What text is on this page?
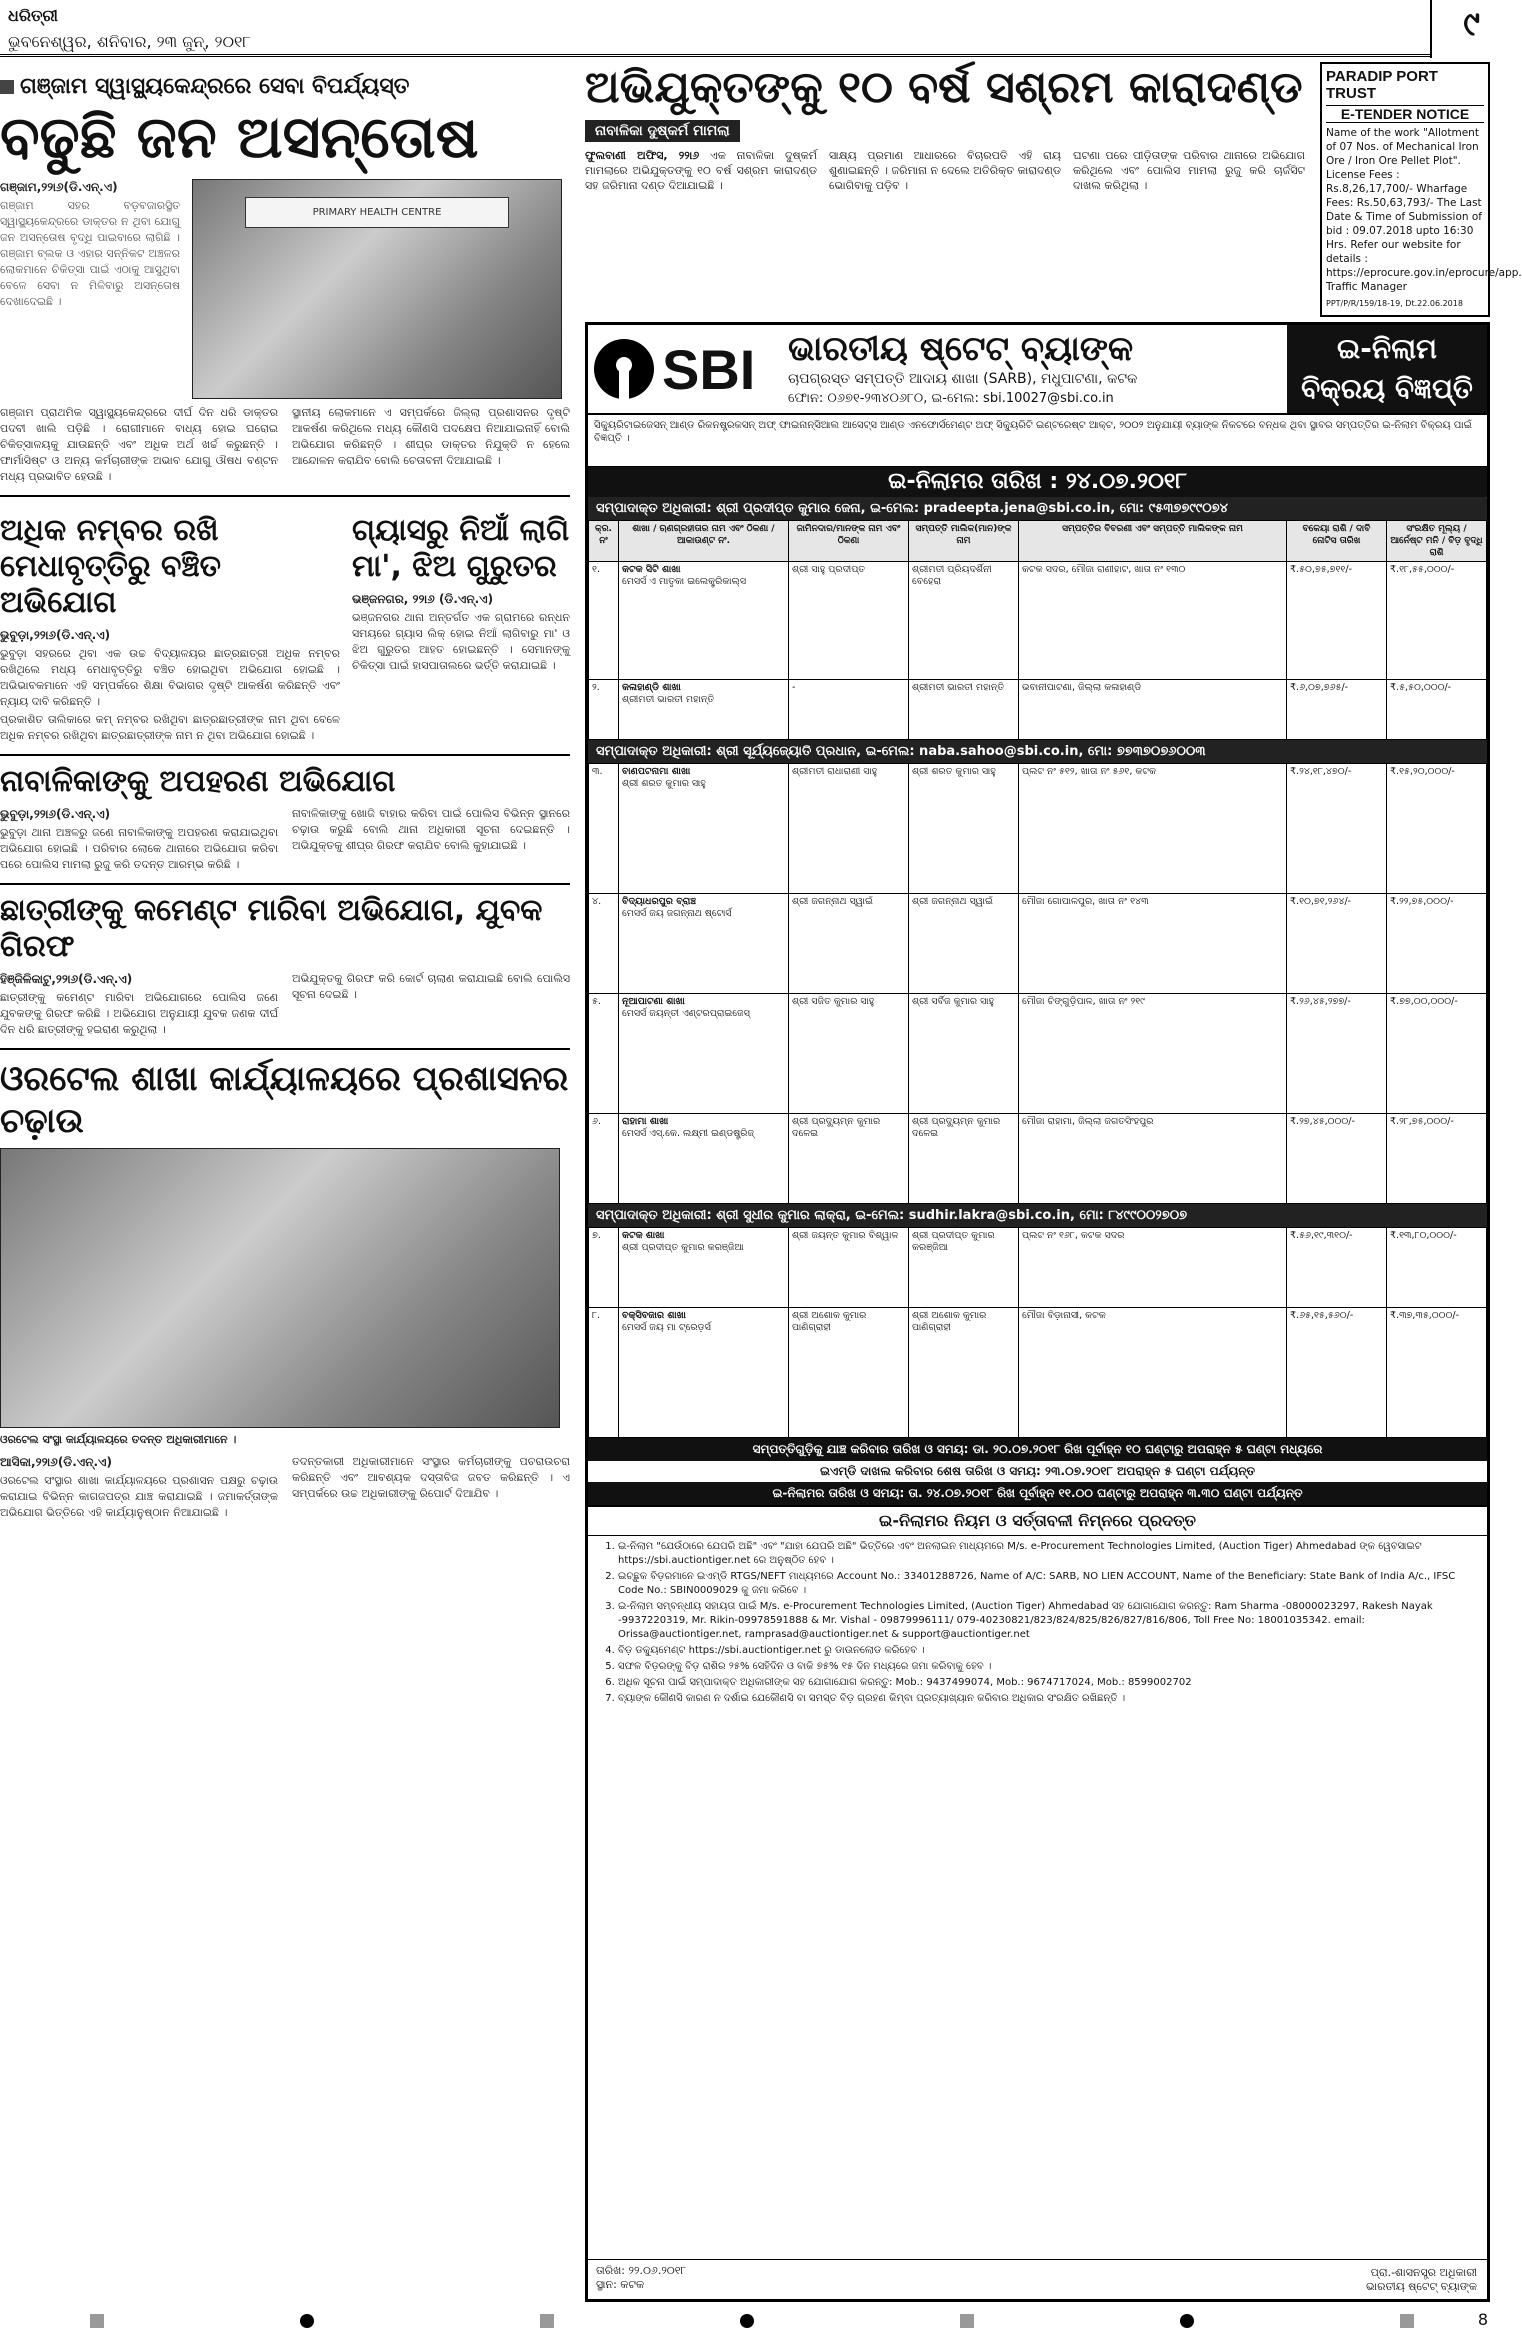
ଧରିତ୍ରୀ
ଭୁବନେଶ୍ୱର, ଶନିବାର, ୨୩ ଜୁନ୍, ୨୦୧୮	୯
ଗଞ୍ଜାମ ସ୍ୱାସ୍ଥ୍ୟକେନ୍ଦ୍ରରେ ସେବା ବିପର୍ଯ୍ୟସ୍ତ
ବଢୁଛି ଜନ ଅସନ୍ତୋଷ

ଗଞ୍ଜାମ,୨୨ା୬(ଡି.ଏନ୍.ଏ)

ଗଞ୍ଜାମ ସହର ବଡ଼ବଜାରସ୍ଥିତ ସ୍ୱାସ୍ଥ୍ୟକେନ୍ଦ୍ରରେ ଡାକ୍ତର ନ ଥିବା ଯୋଗୁ ଜନ ଅସନ୍ତୋଷ ବୃଦ୍ଧି ପାଇବାରେ ଲାଗିଛି । ଗଞ୍ଜାମ ବ୍ଲକ ଓ ଏହାର ସନ୍ନିକଟ ଅଞ୍ଚଳର ଲୋକମାନେ ଚିକିତ୍ସା ପାଇଁ ଏଠାକୁ ଆସୁଥିବା ବେଳେ ସେବା ନ ମିଳିବାରୁ ଅସନ୍ତୋଷ ଦେଖାଦେଇଛି ।

PRIMARY HEALTH CENTRE

ଗଞ୍ଜାମ ପ୍ରାଥମିକ ସ୍ୱାସ୍ଥ୍ୟକେନ୍ଦ୍ରରେ ଦୀର୍ଘ ଦିନ ଧରି ଡାକ୍ତର ପଦବୀ ଖାଲି ପଡ଼ିଛି । ରୋଗୀମାନେ ବାଧ୍ୟ ହୋଇ ଘରୋଇ ଚିକିତ୍ସାଳୟକୁ ଯାଉଛନ୍ତି ଏବଂ ଅଧିକ ଅର୍ଥ ଖର୍ଚ୍ଚ କରୁଛନ୍ତି । ଫାର୍ମାସିଷ୍ଟ ଓ ଅନ୍ୟ କର୍ମଚାରୀଙ୍କ ଅଭାବ ଯୋଗୁ ଔଷଧ ବଣ୍ଟନ ମଧ୍ୟ ପ୍ରଭାବିତ ହେଉଛି ।

ସ୍ଥାନୀୟ ଲୋକମାନେ ଏ ସମ୍ପର୍କରେ ଜିଲ୍ଲା ପ୍ରଶାସନର ଦୃଷ୍ଟି ଆକର୍ଷଣ କରିଥିଲେ ମଧ୍ୟ କୌଣସି ପଦକ୍ଷେପ ନିଆଯାଇନାହିଁ ବୋଲି ଅଭିଯୋଗ କରିଛନ୍ତି । ଶୀଘ୍ର ଡାକ୍ତର ନିଯୁକ୍ତି ନ ହେଲେ ଆନ୍ଦୋଳନ କରାଯିବ ବୋଲି ଚେତାବନୀ ଦିଆଯାଇଛି ।

ଅଧିକ ନମ୍ବର ରଖି ମେଧାବୃତ୍ତିରୁ ବଞ୍ଚିତ ଅଭିଯୋଗ

ଭୁବୁଡ଼ା,୨୨ା୬(ଡି.ଏନ୍.ଏ)

ଭୁବୁଡ଼ା ସହରରେ ଥିବା ଏକ ଉଚ୍ଚ ବିଦ୍ୟାଳୟର ଛାତ୍ରଛାତ୍ରୀ ଅଧିକ ନମ୍ବର ରଖିଥିଲେ ମଧ୍ୟ ମେଧାବୃତ୍ତିରୁ ବଞ୍ଚିତ ହୋଇଥିବା ଅଭିଯୋଗ ହୋଇଛି । ଅଭିଭାବକମାନେ ଏହି ସମ୍ପର୍କରେ ଶିକ୍ଷା ବିଭାଗର ଦୃଷ୍ଟି ଆକର୍ଷଣ କରିଛନ୍ତି ଏବଂ ନ୍ୟାୟ ଦାବି କରିଛନ୍ତି ।

ପ୍ରକାଶିତ ତାଲିକାରେ କମ୍ ନମ୍ବର ରଖିଥିବା ଛାତ୍ରଛାତ୍ରୀଙ୍କ ନାମ ଥିବା ବେଳେ ଅଧିକ ନମ୍ବର ରଖିଥିବା ଛାତ୍ରଛାତ୍ରୀଙ୍କ ନାମ ନ ଥିବା ଅଭିଯୋଗ ହୋଇଛି ।

ଗ୍ୟାସରୁ ନିଆଁ ଲାଗି ମା', ଝିଅ ଗୁରୁତର

ଭଞ୍ଜନଗର, ୨୨ା୬ (ଡି.ଏନ୍.ଏ)

ଭଞ୍ଜନଗର ଥାନା ଅନ୍ତର୍ଗତ ଏକ ଗ୍ରାମରେ ରନ୍ଧନ ସମୟରେ ଗ୍ୟାସ ଲିକ୍ ହୋଇ ନିଆଁ ଲାଗିବାରୁ ମା' ଓ ଝିଅ ଗୁରୁତର ଆହତ ହୋଇଛନ୍ତି । ସେମାନଙ୍କୁ ଚିକିତ୍ସା ପାଇଁ ହାସପାତାଲରେ ଭର୍ତ୍ତି କରାଯାଇଛି ।

ନାବାଳିକାଙ୍କୁ ଅପହରଣ ଅଭିଯୋଗ

ଭୁବୁଡ଼ା,୨୨ା୬(ଡି.ଏନ୍.ଏ)

ଭୁବୁଡ଼ା ଥାନା ଅଞ୍ଚଳରୁ ଜଣେ ନାବାଳିକାଙ୍କୁ ଅପହରଣ କରାଯାଇଥିବା ଅଭିଯୋଗ ହୋଇଛି । ପରିବାର ଲୋକେ ଥାନାରେ ଅଭିଯୋଗ କରିବା ପରେ ପୋଲିସ ମାମଲା ରୁଜୁ କରି ତଦନ୍ତ ଆରମ୍ଭ କରିଛି ।

ନାବାଳିକାଙ୍କୁ ଖୋଜି ବାହାର କରିବା ପାଇଁ ପୋଲିସ ବିଭିନ୍ନ ସ୍ଥାନରେ ଚଢ଼ାଉ କରୁଛି ବୋଲି ଥାନା ଅଧିକାରୀ ସୂଚନା ଦେଇଛନ୍ତି । ଅଭିଯୁକ୍ତକୁ ଶୀଘ୍ର ଗିରଫ କରାଯିବ ବୋଲି କୁହାଯାଇଛି ।

ଛାତ୍ରୀଙ୍କୁ କମେଣ୍ଟ ମାରିବା ଅଭିଯୋଗ, ଯୁବକ ଗିରଫ

ହିଞ୍ଜିଳିକାଟୁ,୨୨ା୬(ଡି.ଏନ୍.ଏ)

ଛାତ୍ରୀଙ୍କୁ କମେଣ୍ଟ ମାରିବା ଅଭିଯୋଗରେ ପୋଲିସ ଜଣେ ଯୁବକଙ୍କୁ ଗିରଫ କରିଛି । ଅଭିଯୋଗ ଅନୁଯାୟୀ ଯୁବକ ଜଣକ ଦୀର୍ଘ ଦିନ ଧରି ଛାତ୍ରୀଙ୍କୁ ହଇରାଣ କରୁଥିଲା ।

ଅଭିଯୁକ୍ତକୁ ଗିରଫ କରି କୋର୍ଟ ଚାଲାଣ କରାଯାଇଛି ବୋଲି ପୋଲିସ ସୂଚନା ଦେଇଛି ।

ଓରଟେଲ ଶାଖା କାର୍ଯ୍ୟାଳୟରେ ପ୍ରଶାସନର ଚଢ଼ାଉ
ଓରଟେଲ ସଂସ୍ଥା କାର୍ଯ୍ୟାଳୟରେ ତଦନ୍ତ ଅଧିକାରୀମାନେ ।

ଆସିକା,୨୨ା୬(ଡି.ଏନ୍.ଏ)

ଓରଟେଲ ସଂସ୍ଥାର ଶାଖା କାର୍ଯ୍ୟାଳୟରେ ପ୍ରଶାସନ ପକ୍ଷରୁ ଚଢ଼ାଉ କରାଯାଇ ବିଭିନ୍ନ କାଗଜପତ୍ର ଯାଞ୍ଚ କରାଯାଇଛି । ଜମାକର୍ତ୍ତାଙ୍କ ଅଭିଯୋଗ ଭିତ୍ତିରେ ଏହି କାର୍ଯ୍ୟାନୁଷ୍ଠାନ ନିଆଯାଇଛି ।

ତଦନ୍ତକାରୀ ଅଧିକାରୀମାନେ ସଂସ୍ଥାର କର୍ମଚାରୀଙ୍କୁ ପଚରାଉଚରା କରିଛନ୍ତି ଏବଂ ଆବଶ୍ୟକ ଦସ୍ତାବିଜ ଜବତ କରିଛନ୍ତି । ଏ ସମ୍ପର୍କରେ ଉଚ୍ଚ ଅଧିକାରୀଙ୍କୁ ରିପୋର୍ଟ ଦିଆଯିବ ।

ଅଭିଯୁକ୍ତଙ୍କୁ ୧୦ ବର୍ଷ ସଶ୍ରମ କାରାଦଣ୍ଡ
ନାବାଳିକା ଦୁଷ୍କର୍ମ ମାମଲା
ଫୁଲବାଣୀ ଅଫିସ, ୨୨ା୬ ଏକ ନାବାଳିକା ଦୁଷ୍କର୍ମ ମାମଲାରେ ଅଭିଯୁକ୍ତଙ୍କୁ ୧୦ ବର୍ଷ ସଶ୍ରମ କାରାଦଣ୍ଡ ସହ ଜରିମାନା ଦଣ୍ଡ ଦିଆଯାଇଛି ।
ସାକ୍ଷ୍ୟ ପ୍ରମାଣ ଆଧାରରେ ବିଚାରପତି ଏହି ରାୟ ଶୁଣାଇଛନ୍ତି । ଜରିମାନା ନ ଦେଲେ ଅତିରିକ୍ତ କାରାଦଣ୍ଡ ଭୋଗିବାକୁ ପଡ଼ିବ ।
ଘଟଣା ପରେ ପୀଡ଼ିତାଙ୍କ ପରିବାର ଥାନାରେ ଅଭିଯୋଗ କରିଥିଲେ ଏବଂ ପୋଲିସ ମାମଲା ରୁଜୁ କରି ଚାର୍ଜସିଟ ଦାଖଲ କରିଥିଲା ।
PARADIP PORT TRUST
E-TENDER NOTICE
Name of the work "Allotment of 07 Nos. of Mechanical Iron Ore / Iron Ore Pellet Plot". License Fees : Rs.8,26,17,700/- Wharfage Fees: Rs.50,63,793/- The Last Date & Time of Submission of bid : 09.07.2018 upto 16:30 Hrs. Refer our website for details : https://eprocure.gov.in/eprocure/app. Traffic Manager
PPT/P/R/159/18-19, Dt.22.06.2018
SBI ଭାରତୀୟ ଷ୍ଟେଟ୍ ବ୍ୟାଙ୍କ
ଚାପଗ୍ରସ୍ତ ସମ୍ପତ୍ତି ଆଦାୟ ଶାଖା (SARB), ମଧୁପାଟଣା, କଟକ
ଫୋନ: ୦୬୭୧-୨୩୪୦୬୮୦, ଇ-ମେଲ: sbi.10027@sbi.co.in
ଇ-ନିଲାମ
ବିକ୍ରୟ ବିଜ୍ଞପ୍ତି
ସିକ୍ୟୁରିଟାଇଜେସନ୍ ଆଣ୍ଡ ରିକନଷ୍ଟ୍ରକସନ୍ ଅଫ୍ ଫାଇନାନ୍ସିଆଲ ଆସେଟ୍ସ ଆଣ୍ଡ ଏନଫୋର୍ସମେଣ୍ଟ ଅଫ୍ ସିକ୍ୟୁରିଟି ଇଣ୍ଟରେଷ୍ଟ ଆକ୍ଟ, ୨୦୦୨ ଅନୁଯାୟୀ ବ୍ୟାଙ୍କ ନିକଟରେ ବନ୍ଧକ ଥିବା ସ୍ଥାବର ସମ୍ପତ୍ତିର ଇ-ନିଲାମ ବିକ୍ରୟ ପାଇଁ ବିଜ୍ଞପ୍ତି ।
ଇ-ନିଲାମର ତାରିଖ : ୨୪.୦୭.୨୦୧୮
ସମ୍ପାଦାକ୍ତ ଅଧିକାରୀ: ଶ୍ରୀ ପ୍ରଦୀପ୍ତ କୁମାର ଜେନା, ଇ-ମେଲ: pradeepta.jena@sbi.co.in, ମୋ: ୯୫୩୭୭୯୯୦୭୪
କ୍ର. ନଂ	ଶାଖା / ଋଣଗ୍ରହୀତାର ନାମ ଏବଂ ଠିକଣା / ଆକାଉଣ୍ଟ ନଂ.	ଜାମିନଦାର/ମାନଙ୍କ ନାମ ଏବଂ ଠିକଣା	ସମ୍ପତ୍ତି ମାଲିକ(ମାନ)ଙ୍କ ନାମ	ସମ୍ପତ୍ତିର ବିବରଣୀ ଏବଂ ସମ୍ପତ୍ତି ମାଲିକଙ୍କ ନାମ	ବକେୟା ରାଶି / ଦାବି ନୋଟିସ ତାରିଖ	ସଂରକ୍ଷିତ ମୂଲ୍ୟ / ଆର୍ନେଷ୍ଟ ମନି / ବିଡ଼ ବୃଦ୍ଧି ରାଶି
୧.	କଟକ ସିଟି ଶାଖା
ମେସର୍ସ ଏ ମାତୃକା ଇଲେକ୍ଟ୍ରିକାଲ୍ସ	ଶ୍ରୀ ସାହୁ ପ୍ରଦୀପ୍ତ	ଶ୍ରୀମତୀ ପ୍ରିୟଦର୍ଶିନୀ ବେହେରା	କଟକ ସଦର, ମୌଜା ରାଣୀହାଟ, ଖାତା ନଂ ୧୩୦	₹.୫୦,୭୫,୭୧୧/-	₹.୧୮,୫୫,୦୦୦/-
୨.	କଳାହାଣ୍ଡି ଶାଖା
ଶ୍ରୀମତୀ ଭାରତୀ ମହାନ୍ତି	-	ଶ୍ରୀମତୀ ଭାରତୀ ମହାନ୍ତି	ଭବାନୀପାଟଣା, ଜିଲ୍ଲା କଳାହାଣ୍ଡି	₹.୬,୦୭,୭୬୫/-	₹.୫,୫୦,୦୦୦/-
ସମ୍ପାଦାକ୍ତ ଅଧିକାରୀ: ଶ୍ରୀ ସୂର୍ଯ୍ୟଜ୍ୟୋତି ପ୍ରଧାନ, ଇ-ମେଲ: naba.sahoo@sbi.co.in, ମୋ: ୭୭୩୭୦୭୬୦୦୩
୩.	ବାଣପଟନାମା ଶାଖା
ଶ୍ରୀ ଶରତ କୁମାର ସାହୁ	ଶ୍ରୀମତୀ ରାଧାରାଣୀ ସାହୁ	ଶ୍ରୀ ଶରତ କୁମାର ସାହୁ	ପ୍ଲଟ ନଂ ୫୧୨, ଖାତା ନଂ ୫୬୧, କଟକ	₹.୨୪,୧୮,୪୭୦/-	₹.୧୫,୨୦,୦୦୦/-
୪.	ବିଦ୍ୟାଧରପୁର ବ୍ରାଞ୍ଚ
ମେସର୍ସ ଜୟ ଜଗନ୍ନାଥ ଷ୍ଟୋର୍ସ	ଶ୍ରୀ ଜଗନ୍ନାଥ ସ୍ୱାଇଁ	ଶ୍ରୀ ଜଗନ୍ନାଥ ସ୍ୱାଇଁ	ମୌଜା ଗୋପାଳପୁର, ଖାତା ନଂ ୧୪୩	₹.୧୦,୭୧,୨୬୪/-	₹.୨୨,୭୫,୦୦୦/-
୫.	ନୂଆପାଟଣା ଶାଖା
ମେସର୍ସ ଜୟନ୍ତୀ ଏଣ୍ଟରପ୍ରାଇଜେସ୍	ଶ୍ରୀ ସଜିତ କୁମାର ସାହୁ	ଶ୍ରୀ ସର୍ବିଜ କୁମାର ସାହୁ	ମୌଜା ଚିଙ୍ଗୁଡ଼ିପାଳ, ଖାତା ନଂ ୨୧୯	₹.୨୬,୪୫,୨୭୭/-	₹.୭୭,୦୦,୦୦୦/-
୬.	ରାହାମା ଶାଖା
ମେସର୍ସ ଏସ୍.କେ. ଲକ୍ଷ୍ମୀ ଇଣ୍ଡଷ୍ଟ୍ରିଜ୍	ଶ୍ରୀ ପ୍ରଦ୍ୟୁମ୍ନ କୁମାର ଦଳେଇ	ଶ୍ରୀ ପ୍ରଦ୍ୟୁମ୍ନ କୁମାର ଦଳେଇ	ମୌଜା ରାହାମା, ଜିଲ୍ଲା ଜଗତସିଂହପୁର	₹.୨୭,୪୫,୦୦୦/-	₹.୨୮,୭୫,୦୦୦/-
ସମ୍ପାଦାକ୍ତ ଅଧିକାରୀ: ଶ୍ରୀ ସୁଧୀର କୁମାର ଲାକ୍ରା, ଇ-ମେଲ: sudhir.lakra@sbi.co.in, ମୋ: ୮୪୯୯୦୦୨୭୦୭
୭.	କଟକ ଶାଖା
ଶ୍ରୀ ପ୍ରଦୀପ୍ତ କୁମାର କରଞ୍ଜିଆ	ଶ୍ରୀ ଜୟନ୍ତ କୁମାର ବିଶ୍ୱାଳ	ଶ୍ରୀ ପ୍ରଦୀପ୍ତ କୁମାର କରଞ୍ଜିଆ	ପ୍ଲଟ ନଂ ୧୬୮, କଟକ ସଦର	₹.୫୬,୧୯,୩୧୦/-	₹.୧୩,୮୦,୦୦୦/-
୮.	ବକ୍ସିବଜାର ଶାଖା
ମେସର୍ସ ଜୟ ମା ଟ୍ରେଡ଼ର୍ସ	ଶ୍ରୀ ଅଶୋକ କୁମାର ପାଣିଗ୍ରାହୀ	ଶ୍ରୀ ଅଶୋକ କୁମାର ପାଣିଗ୍ରାହୀ	ମୌଜା ବିଡ଼ାନାସୀ, କଟକ	₹.୬୫,୧୫,୫୬୦/-	₹.୩୭,୩୫,୦୦୦/-
ସମ୍ପତ୍ତିଗୁଡ଼ିକୁ ଯାଞ୍ଚ କରିବାର ତାରିଖ ଓ ସମୟ: ଡା. ୨୦.୦୭.୨୦୧୮ ରିଖ ପୂର୍ବାହ୍ନ ୧୦ ଘଣ୍ଟାରୁ ଅପରାହ୍ନ ୫ ଘଣ୍ଟା ମଧ୍ୟରେ
ଇଏମ୍‌ଡି ଦାଖଲ କରିବାର ଶେଷ ତାରିଖ ଓ ସମୟ: ୨୩.୦୭.୨୦୧୮ ଅପରାହ୍ନ ୫ ଘଣ୍ଟା ପର୍ଯ୍ୟନ୍ତ
ଇ-ନିଲାମର ତାରିଖ ଓ ସମୟ: ତା. ୨୪.୦୭.୨୦୧୮ ରିଖ ପୂର୍ବାହ୍ନ ୧୧.୦୦ ଘଣ୍ଟାରୁ ଅପରାହ୍ନ ୩.୩୦ ଘଣ୍ଟା ପର୍ଯ୍ୟନ୍ତ
ଇ-ନିଲାମର ନିୟମ ଓ ସର୍ତ୍ତାବଳୀ ନିମ୍ନରେ ପ୍ରଦତ୍ତ
1. ଇ-ନିଲାମ "ଯେଉଁଠାରେ ଯେପରି ଅଛି" ଏବଂ "ଯାହା ଯେପରି ଅଛି" ଭିତ୍ତିରେ ଏବଂ ଅନଲାଇନ ମାଧ୍ୟମରେ M/s. e-Procurement Technologies Limited, (Auction Tiger) Ahmedabad ଙ୍କ ୱେବସାଇଟ https://sbi.auctiontiger.net ରେ ଅନୁଷ୍ଠିତ ହେବ ।
2. ଇଚ୍ଛୁକ ବିଡ଼ରମାନେ ଇଏମ୍‌ଡି RTGS/NEFT ମାଧ୍ୟମରେ Account No.: 33401288726, Name of A/C: SARB, NO LIEN ACCOUNT, Name of the Beneficiary: State Bank of India A/c., IFSC Code No.: SBIN0009029 କୁ ଜମା କରିବେ ।
3. ଇ-ନିଲାମ ସମ୍ବନ୍ଧୀୟ ସହାୟତା ପାଇଁ M/s. e-Procurement Technologies Limited, (Auction Tiger) Ahmedabad ସହ ଯୋଗାଯୋଗ କରନ୍ତୁ: Ram Sharma -08000023297, Rakesh Nayak -9937220319, Mr. Rikin-09978591888 & Mr. Vishal - 09879996111/ 079-40230821/823/824/825/826/827/816/806, Toll Free No: 18001035342. email: Orissa@auctiontiger.net, ramprasad@auctiontiger.net & support@auctiontiger.net
4. ବିଡ଼ ଡକ୍ୟୁମେଣ୍ଟ https://sbi.auctiontiger.net ରୁ ଡାଉନଲୋଡ କରିହେବ ।
5. ସଫଳ ବିଡ଼ରଙ୍କୁ ବିଡ଼ ରାଶିର ୨୫% ସେହିଦିନ ଓ ବାକି ୭୫% ୧୫ ଦିନ ମଧ୍ୟରେ ଜମା କରିବାକୁ ହେବ ।
6. ଅଧିକ ସୂଚନା ପାଇଁ ସମ୍ପାଦାକ୍ତ ଅଧିକାରୀଙ୍କ ସହ ଯୋଗାଯୋଗ କରନ୍ତୁ: Mob.: 9437499074, Mob.: 9674717024, Mob.: 8599002702
7. ବ୍ୟାଙ୍କ କୌଣସି କାରଣ ନ ଦର୍ଶାଇ ଯେକୌଣସି ବା ସମସ୍ତ ବିଡ଼ ଗ୍ରହଣ କିମ୍ବା ପ୍ରତ୍ୟାଖ୍ୟାନ କରିବାର ଅଧିକାର ସଂରକ୍ଷିତ ରଖିଛନ୍ତି ।
ତାରିଖ: ୨୨.୦୬.୨୦୧୮
ସ୍ଥାନ: କଟକ
ପ୍ରା.-ଶାସନସ୍ତ୍ର ଅଧିକାରୀ
ଭାରତୀୟ ଷ୍ଟେଟ୍ ବ୍ୟାଙ୍କ
8
